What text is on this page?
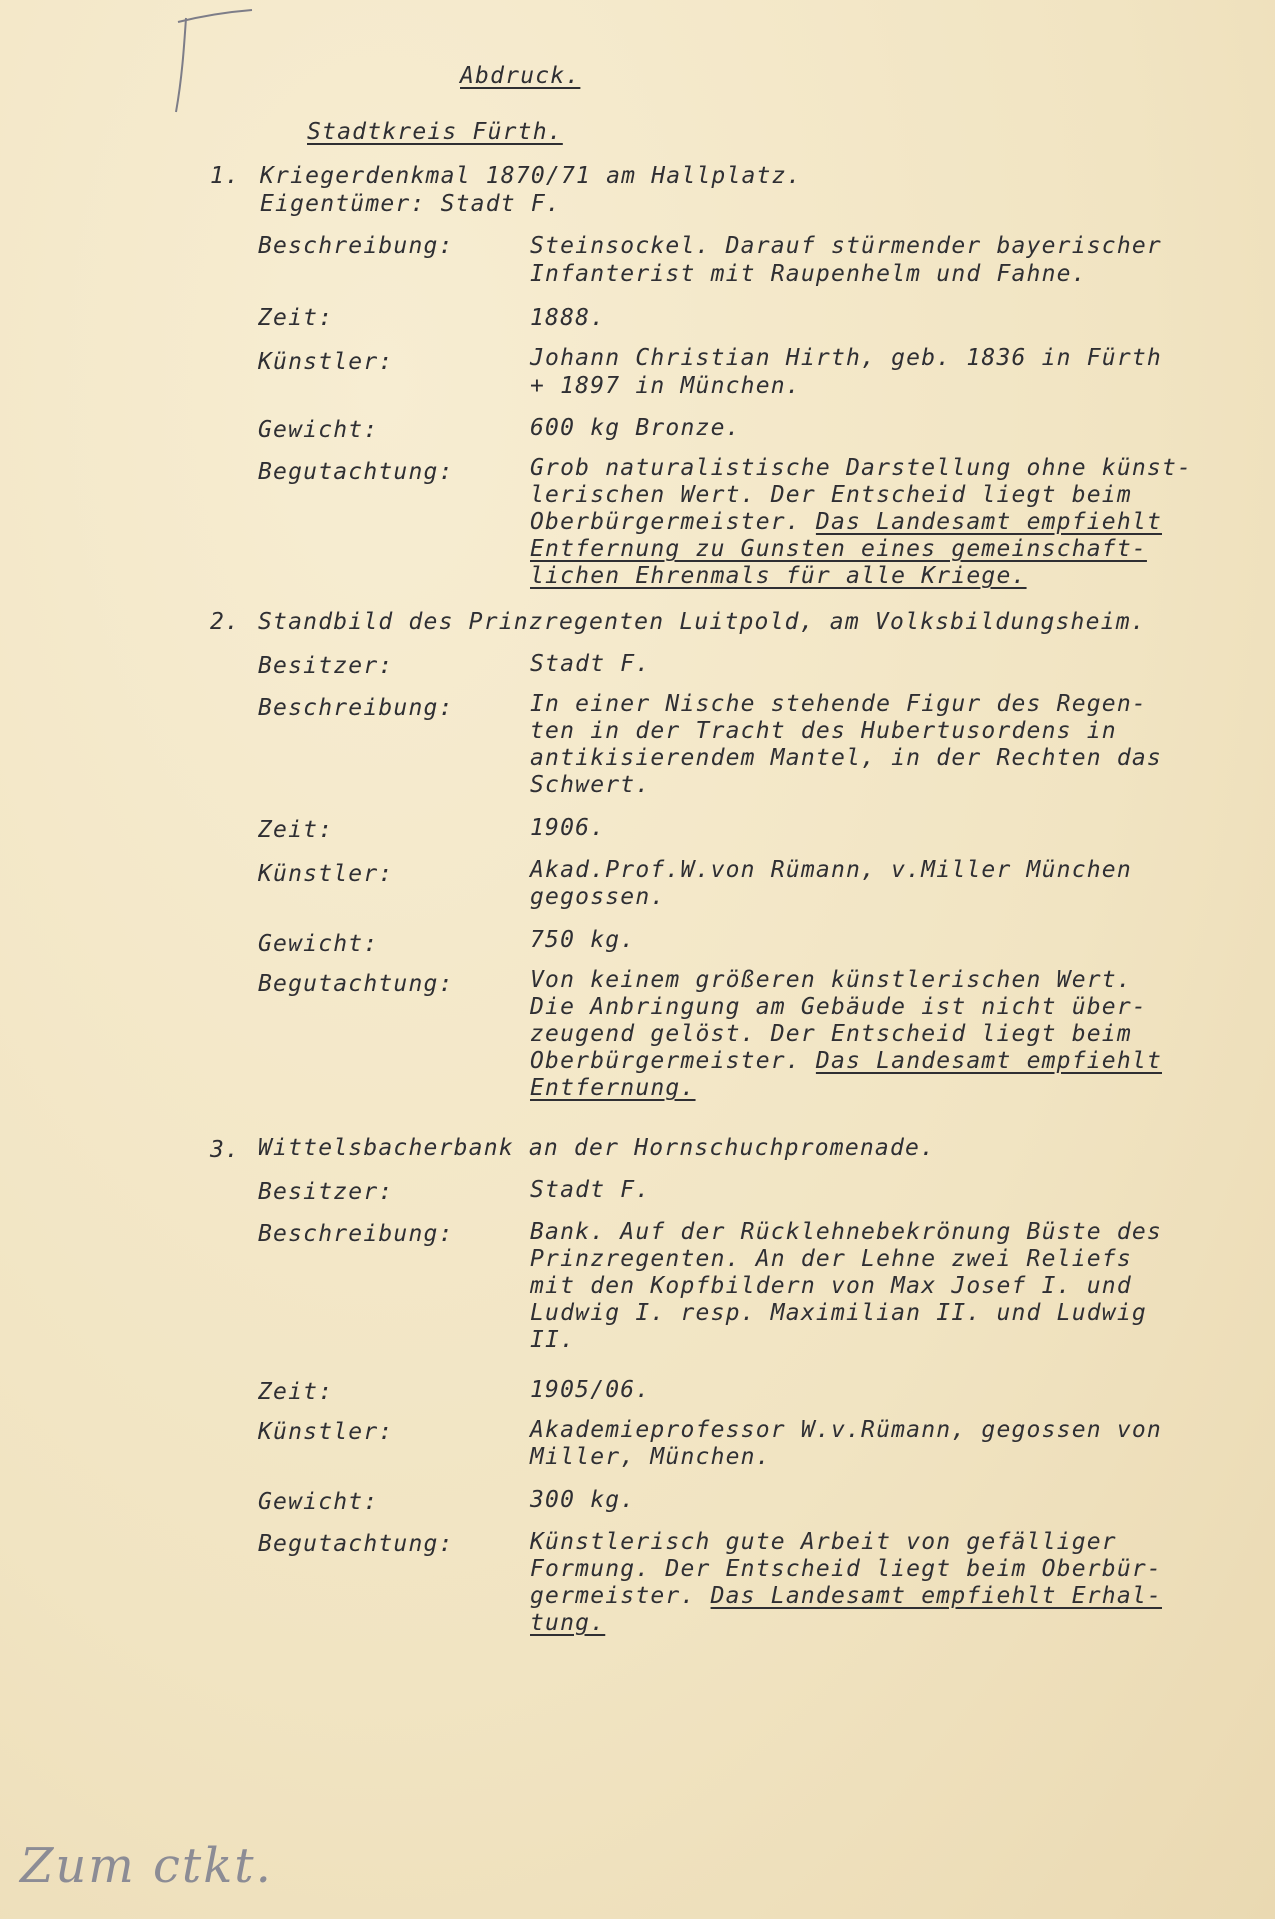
Abdruck.
Stadtkreis Fürth.
1. Kriegerdenkmal 1870/71 am Hallplatz.
Eigentümer: Stadt F.
Beschreibung:	Steinsockel. Darauf stürmender bayerischer
Infanterist mit Raupenhelm und Fahne.
Zeit:	1888.
Künstler:	Johann Christian Hirth, geb. 1836 in Fürth
+ 1897 in München.
Gewicht:	600 kg Bronze.
Begutachtung:	Grob naturalistische Darstellung ohne künst-
lerischen Wert. Der Entscheid liegt beim
Oberbürgermeister. Das Landesamt empfiehlt
Entfernung zu Gunsten eines gemeinschaft-
lichen Ehrenmals für alle Kriege.
2. Standbild des Prinzregenten Luitpold, am Volksbildungsheim.
Besitzer:	Stadt F.
Beschreibung:	In einer Nische stehende Figur des Regen-
ten in der Tracht des Hubertusordens in
antikisierendem Mantel, in der Rechten das
Schwert.
Zeit:	1906.
Künstler:	Akad.Prof.W.von Rümann, v.Miller München
gegossen.
Gewicht:	750 kg.
Begutachtung:	Von keinem größeren künstlerischen Wert.
Die Anbringung am Gebäude ist nicht über-
zeugend gelöst. Der Entscheid liegt beim
Oberbürgermeister. Das Landesamt empfiehlt
Entfernung.
3. Wittelsbacherbank an der Hornschuchpromenade.
Besitzer:	Stadt F.
Beschreibung:	Bank. Auf der Rücklehnebekrönung Büste des
Prinzregenten. An der Lehne zwei Reliefs
mit den Kopfbildern von Max Josef I. und
Ludwig I. resp. Maximilian II. und Ludwig
II.
Zeit:	1905/06.
Künstler:	Akademieprofessor W.v.Rümann, gegossen von
Miller, München.
Gewicht:	300 kg.
Begutachtung:	Künstlerisch gute Arbeit von gefälliger
Formung. Der Entscheid liegt beim Oberbür-
germeister. Das Landesamt empfiehlt Erhal-
tung.
Zum ctkt.
